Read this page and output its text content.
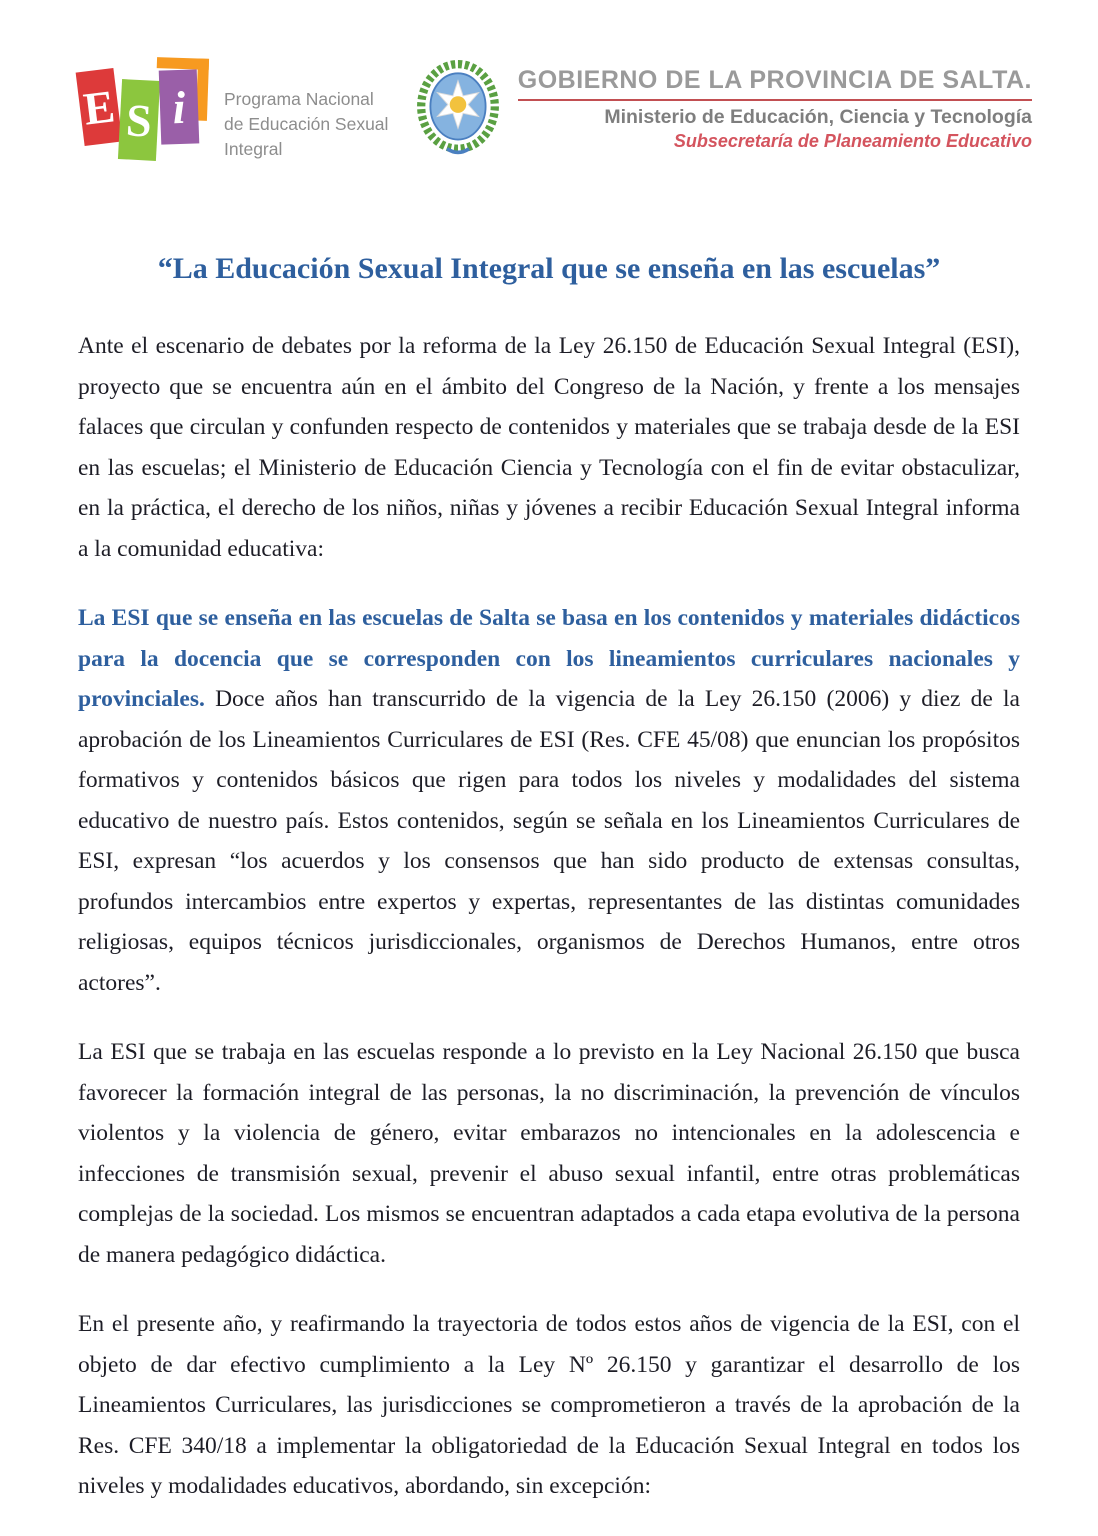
E S i	Programa Nacional
de Educación Sexual Integral
GOBIERNO DE LA PROVINCIA DE SALTA.
Ministerio de Educación, Ciencia y Tecnología
Subsecretaría de Planeamiento Educativo
“La Educación Sexual Integral que se enseña en las escuelas”

Ante el escenario de debates por la reforma de la Ley 26.150 de Educación Sexual Integral (ESI), proyecto que se encuentra aún en el ámbito del Congreso de la Nación, y frente a los mensajes falaces que circulan y confunden respecto de contenidos y materiales que se trabaja desde de la ESI en las escuelas; el Ministerio de Educación Ciencia y Tecnología con el fin de evitar obstaculizar, en la práctica, el derecho de los niños, niñas y jóvenes a recibir Educación Sexual Integral informa a la comunidad educativa:

La ESI que se enseña en las escuelas de Salta se basa en los contenidos y materiales didácticos para la docencia que se corresponden con los lineamientos curriculares nacionales y provinciales. Doce años han transcurrido de la vigencia de la Ley 26.150 (2006) y diez de la aprobación de los Lineamientos Curriculares de ESI (Res. CFE 45/08) que enuncian los propósitos formativos y contenidos básicos que rigen para todos los niveles y modalidades del sistema educativo de nuestro país. Estos contenidos, según se señala en los Lineamientos Curriculares de ESI, expresan “los acuerdos y los consensos que han sido producto de extensas consultas, profundos intercambios entre expertos y expertas, representantes de las distintas comunidades religiosas, equipos técnicos jurisdiccionales, organismos de Derechos Humanos, entre otros actores”.

La ESI que se trabaja en las escuelas responde a lo previsto en la Ley Nacional 26.150 que busca favorecer la formación integral de las personas, la no discriminación, la prevención de vínculos violentos y la violencia de género, evitar embarazos no intencionales en la adolescencia e infecciones de transmisión sexual, prevenir el abuso sexual infantil, entre otras problemáticas complejas de la sociedad. Los mismos se encuentran adaptados a cada etapa evolutiva de la persona de manera pedagógico didáctica.

En el presente año, y reafirmando la trayectoria de todos estos años de vigencia de la ESI, con el objeto de dar efectivo cumplimiento a la Ley Nº 26.150 y garantizar el desarrollo de los Lineamientos Curriculares, las jurisdicciones se comprometieron a través de la aprobación de la Res. CFE 340/18 a implementar la obligatoriedad de la Educación Sexual Integral en todos los niveles y modalidades educativos, abordando, sin excepción:
